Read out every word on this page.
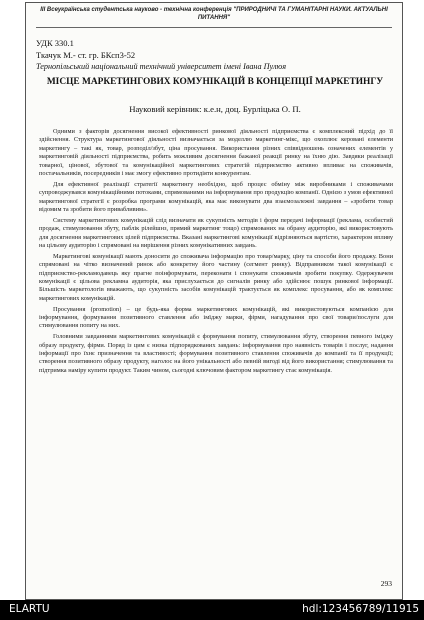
III Всеукраїнська студентська науково - технічна конференція "ПРИРОДНИЧІ ТА ГУМАНІТАРНІ НАУКИ. АКТУАЛЬНІ ПИТАННЯ"
УДК 330.1
Ткачук М.- ст. гр. БКсп3-52
Тернопільський національний технічний університет імені Івана Пулюя
МІСЦЕ МАРКЕТИНГОВИХ КОМУНІКАЦІЙ В КОНЦЕПЦІЇ МАРКЕТИНГУ
Науковий керівник: к.е.н, доц. Бурліцька О. П.

Одними з факторів досягнення високої ефективності ринкової діяльності підприємства є комплексний підхід до її здійснення. Структура маркетингової діяльності визначається за моделлю маркетинг-мікс, що охоплює керовані елементи маркетингу – такі як, товар, розподіл/збут, ціна просування. Використання різних співвідношень означених елементів у маркетинговій діяльності підприємства, робить можливим досягнення бажаної реакції ринку на їхню дію. Завдяки реалізації товарної, цінової, збутової та комунікаційної маркетингових стратегій підприємство активно впливає на споживачів, постачальників, посередників і має змогу ефективно протидіяти конкурентам.

Для ефективної реалізації стратегії маркетингу необхідно, щоб процес обміну між виробниками і споживачами супроводжувався комунікаційними потоками, спрямованими на інформування про продукцію компанії. Однією з умов ефективної маркетингової стратегії є розробка програми комунікацій, яка має виконувати два взаємозалежні завдання – «зробити товар відомим та зробити його привабливим».

Систему маркетингових комунікацій слід визначати як сукупність методів і форм передачі інформації (реклама, особистий продаж, стимулювання збуту, паблік рілейшнз, прямий маркетинг тощо) спрямованих на обрану аудиторію, які використовують для досягнення маркетингових цілей підприємства. Вказані маркетингові комунікації відрізняються вартістю, характером впливу на цільову аудиторію і спрямовані на вирішення різних комунікативних завдань.

Маркетингові комунікації мають доносити до споживача інформацію про товар/марку, ціну та способи його продажу. Вони спрямовані на чітко визначений ринок або конкретну його частину (сегмент ринку). Відправником такої комунікації є підприємство-рекламодавець яку прагне поінформувати, переконати і спонукати споживачів зробити покупку. Одержувачем комунікації є цільова рекламна аудиторія, яка прислухається до сигналів ринку або здійснює пошук ринкової інформації. Більшість маркетологів вважають, що сукупність засобів комунікацій трактується як комплекс просування, або як комплекс маркетингових комунікацій.

Просування (promotion) – це будь-яка форма маркетингових комунікацій, які використовуються компанією для інформування, формування позитивного ставлення або імїджу марки, фірми, нагадування про свої товари/послуги для стимулювання попиту на них.

Головними завданнями маркетингових комунікацій є формування попиту, стимулювання збуту, створення певного іміджу образу продукту, фірми. Поряд із цим є низка підпорядкованих завдань: інформування про наявність товарів і послуг, надання інформації про їхнє призначення та властивості; формування позитивного ставлення споживачів до компанії та її продукції; створення позитивного образу продукту, наголос на його унікальності або певній вигоді від його використання; стимулювання та підтримка наміру купити продукт. Таким чином, сьогодні ключовим фактором маркетингу стає комунікація.

293
ELARTU	hdl:123456789/11915
